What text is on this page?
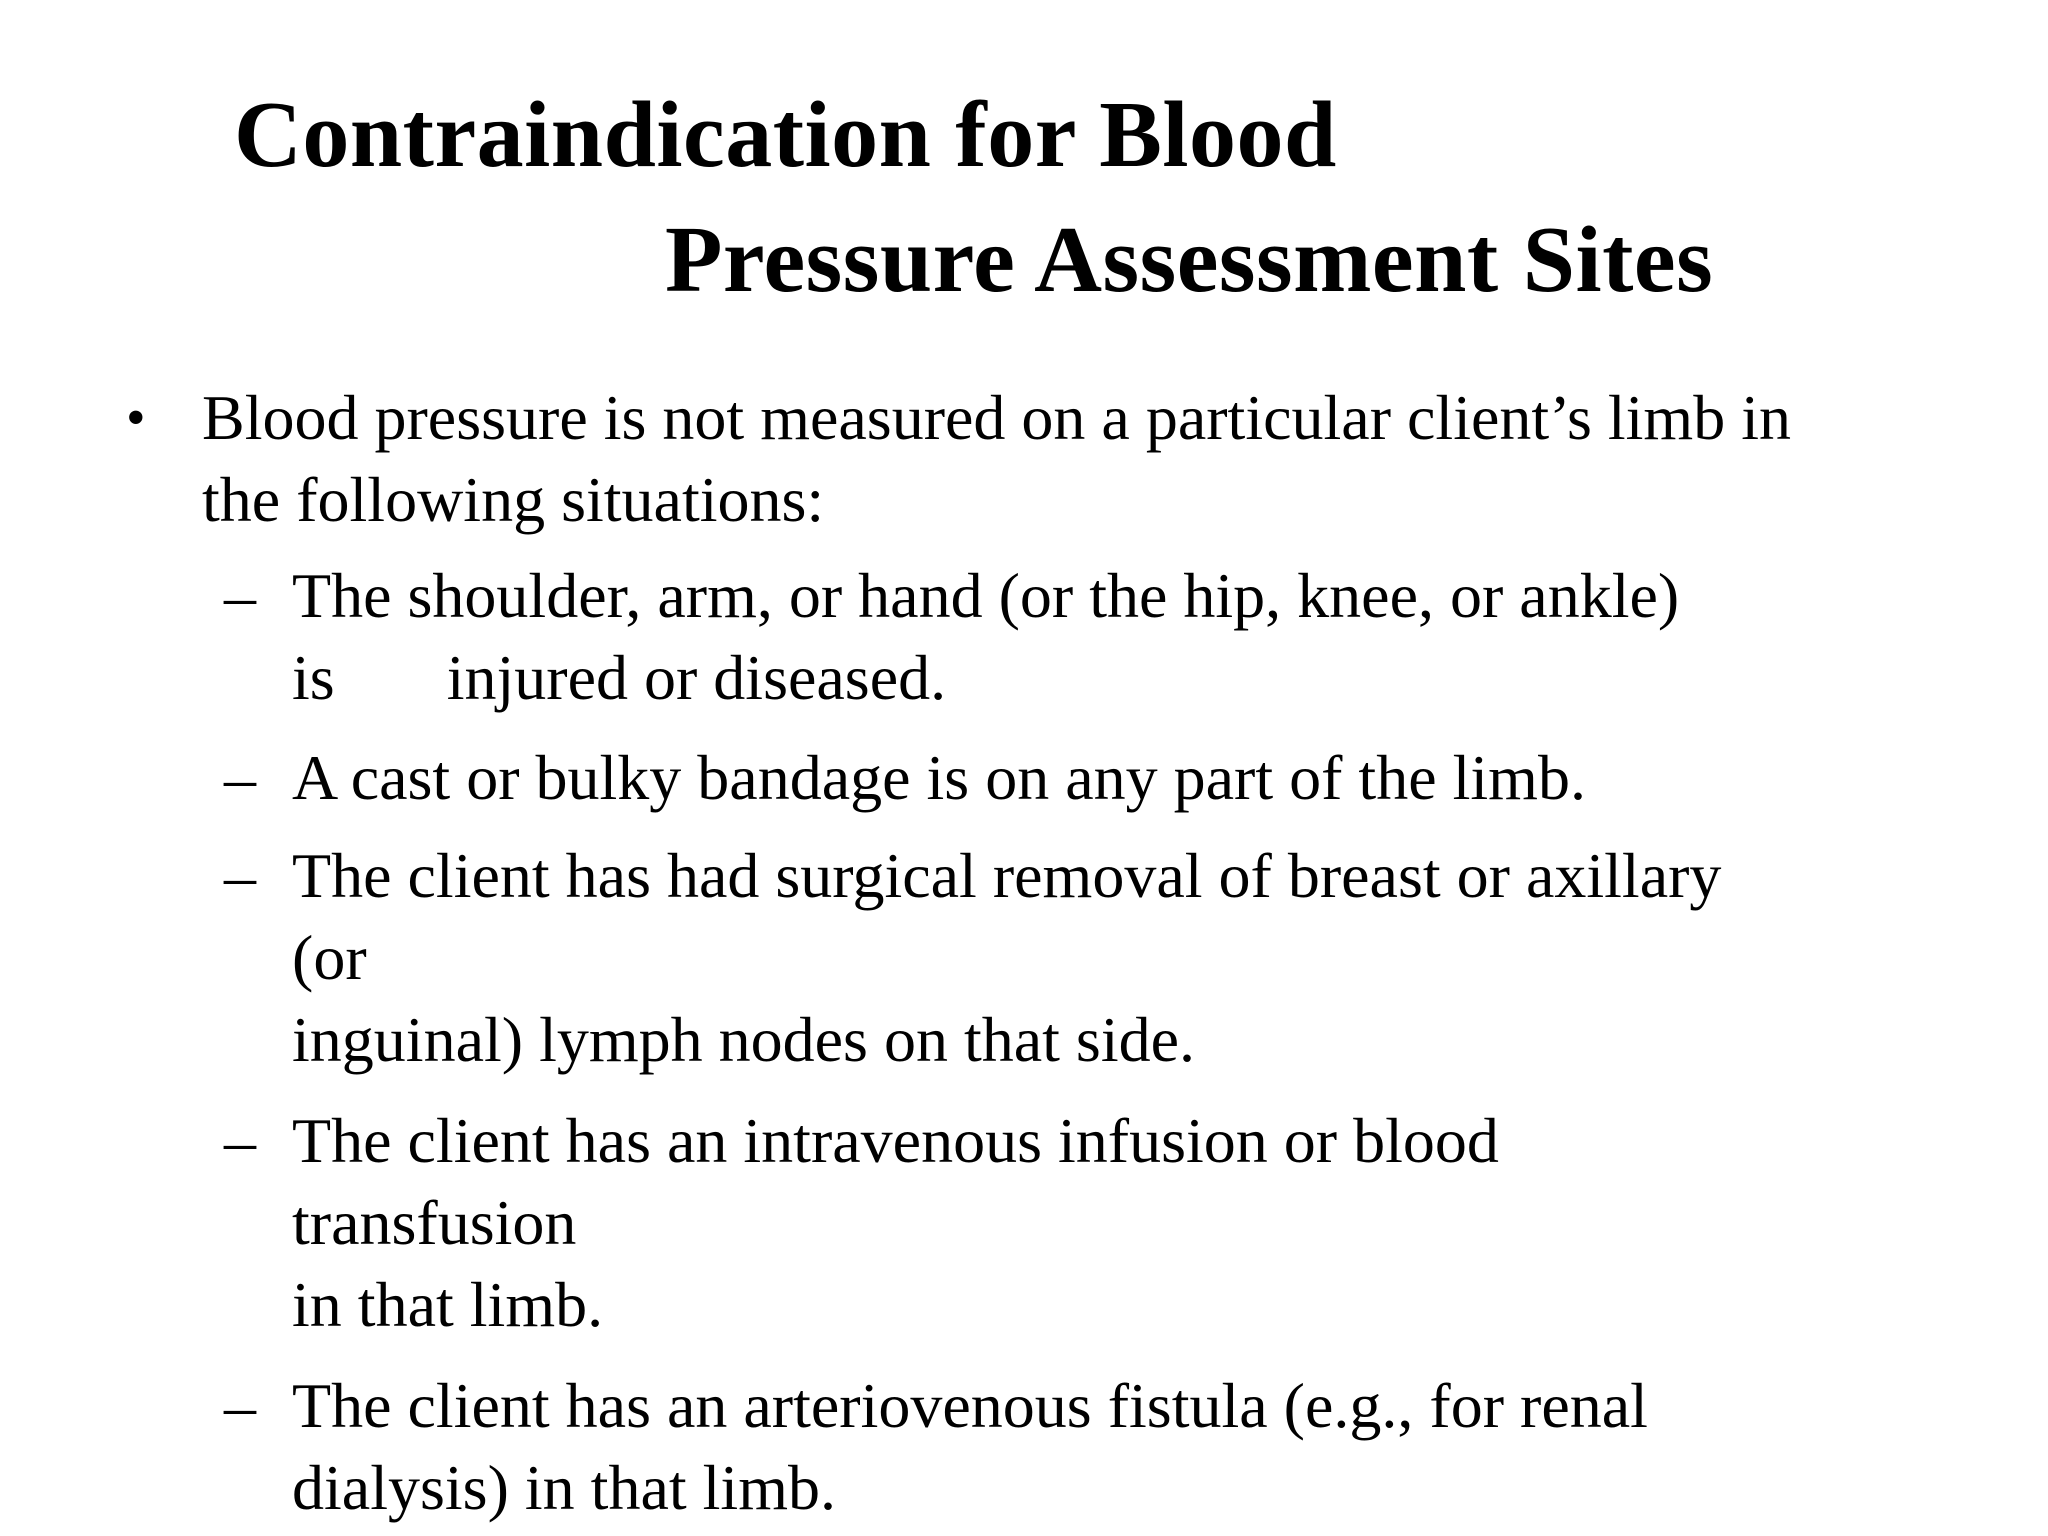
Contraindication for Blood
Pressure Assessment Sites
• Blood pressure is not measured on a particular client’s limb in
the following situations:
– The shoulder, arm, or hand (or the hip, knee, or ankle)
is       injured or diseased.
– A cast or bulky bandage is on any part of the limb.
– The client has had surgical removal of breast or axillary
(or
inguinal) lymph nodes on that side.
– The client has an intravenous infusion or blood
transfusion
in that limb.
– The client has an arteriovenous fistula (e.g., for renal
dialysis) in that limb.
